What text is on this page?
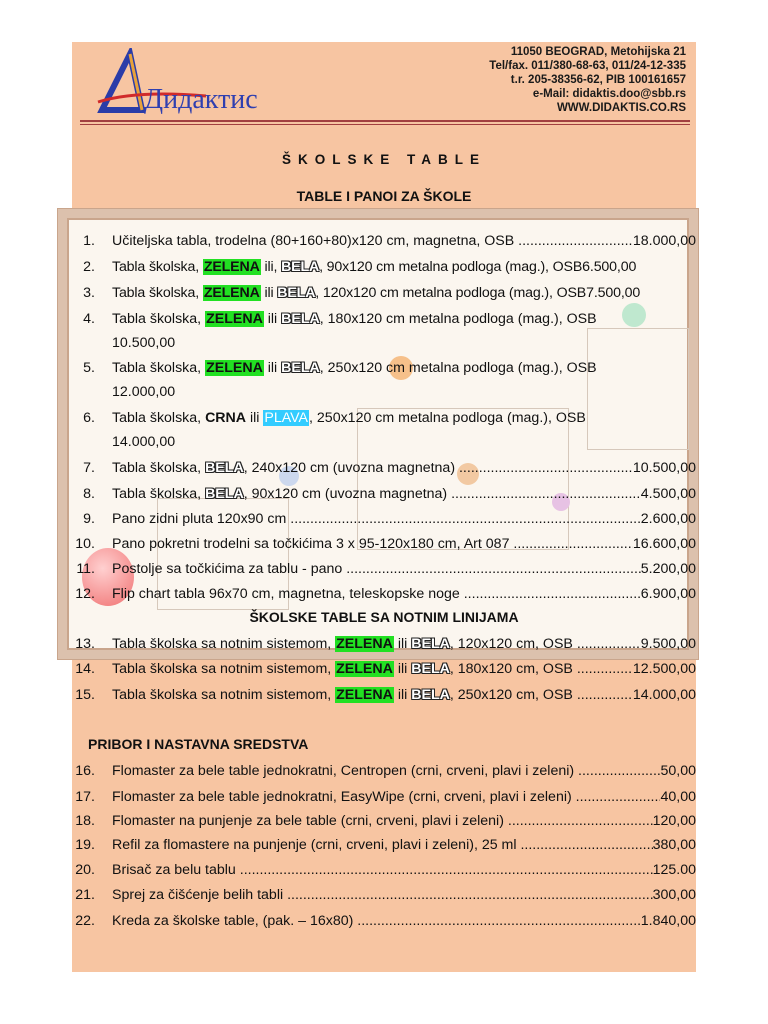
Дидактис
11050 BEOGRAD, Metohijska 21
Tel/fax. 011/380-68-63, 011/24-12-335
t.r. 205-38356-62, PIB 100161657
e-Mail: didaktis.doo@sbb.rs
WWW.DIDAKTIS.CO.RS
ŠKOLSKE TABLE
TABLE I PANOI ZA ŠKOLE
1. Učiteljska tabla, trodelna (80+160+80)x120 cm, magnetna, OSB .....	18.000,00
2. Tabla školska, ZELENA ili, BELA, 90x120 cm metalna podloga (mag.), OSB6.500,00
3. Tabla školska, ZELENA ili BELA, 120x120 cm metalna podloga (mag.), OSB7.500,00
4. Tabla školska, ZELENA ili BELA, 180x120 cm metalna podloga (mag.), OSB
10.500,00
5. Tabla školska, ZELENA ili BELA, 250x120 cm metalna podloga (mag.), OSB
12.000,00
6. Tabla školska, CRNA ili PLAVA, 250x120 cm metalna podloga (mag.), OSB
14.000,00
7. Tabla školska, BELA, 240x120 cm (uvozna magnetna) .....	10.500,00
8. Tabla školska, BELA, 90x120 cm (uvozna magnetna) .....	4.500,00
9. Pano zidni pluta 120x90 cm .....	2.600,00
10. Pano pokretni trodelni sa točkićima 3 x 95-120x180 cm, Art 087 .....	16.600,00
11. Postolje sa točkićima za tablu - pano .....	5.200,00
12. Flip chart tabla 96x70 cm, magnetna, teleskopske noge .....	6.900,00
ŠKOLSKE TABLE SA NOTNIM LINIJAMA
13. Tabla školska sa notnim sistemom, ZELENA ili BELA, 120x120 cm, OSB .....	9.500,00
14. Tabla školska sa notnim sistemom, ZELENA ili BELA, 180x120 cm, OSB .....	12.500,00
15. Tabla školska sa notnim sistemom, ZELENA ili BELA, 250x120 cm, OSB .....	14.000,00
PRIBOR I NASTAVNA SREDSTVA
16. Flomaster za bele table jednokratni, Centropen (crni, crveni, plavi i zeleni) .....	50,00
17. Flomaster za bele table jednokratni, EasyWipe (crni, crveni, plavi i zeleni) .....	40,00
18. Flomaster na punjenje za bele table (crni, crveni, plavi i zeleni) .....	120,00
19. Refil za flomastere na punjenje (crni, crveni, plavi i zeleni), 25 ml .....	380,00
20. Brisač za belu tablu .....	125.00
21. Sprej za čišćenje belih tabli .....	300,00
22. Kreda za školske table, (pak. – 16x80) .....	1.840,00
